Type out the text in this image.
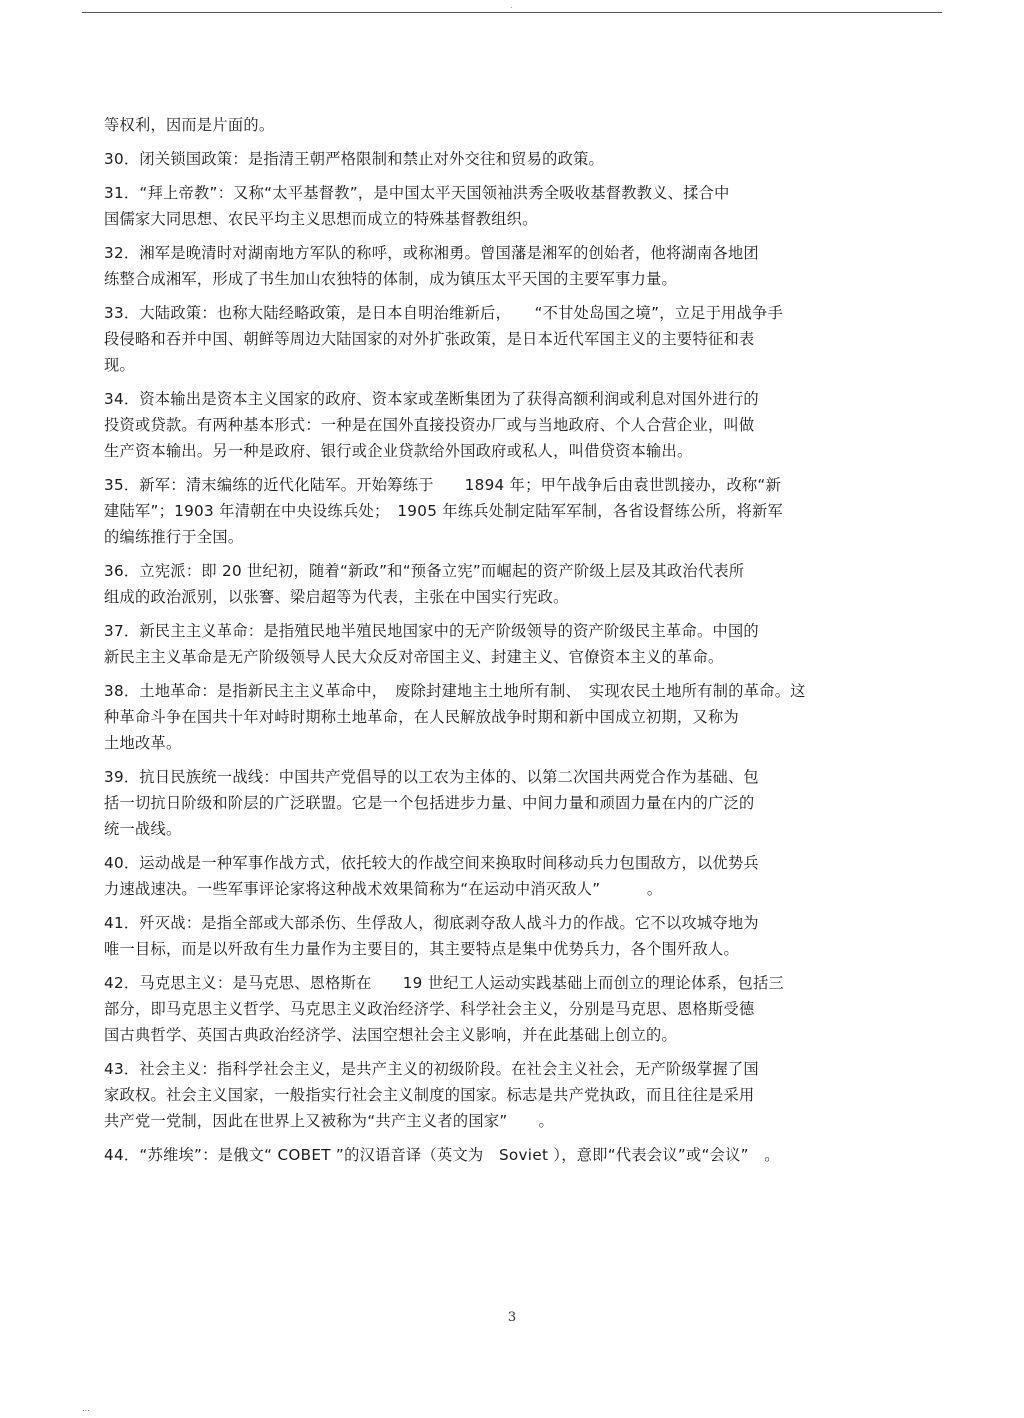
.
等权利，因而是片面的。
30．闭关锁国政策：是指清王朝严格限制和禁止对外交往和贸易的政策。
31．“拜上帝教”：又称“太平基督教”，是中国太平天国领袖洪秀全吸收基督教教义、揉合中
国儒家大同思想、农民平均主义思想而成立的特殊基督教组织。
32．湘军是晚清时对湖南地方军队的称呼，或称湘勇。曾国藩是湘军的创始者，他将湖南各地团
练整合成湘军，形成了书生加山农独特的体制，成为镇压太平天国的主要军事力量。
33．大陆政策：也称大陆经略政策，是日本自明治维新后，　　“不甘处岛国之境”，立足于用战争手
段侵略和吞并中国、朝鲜等周边大陆国家的对外扩张政策，是日本近代军国主义的主要特征和表
现。
34．资本输出是资本主义国家的政府、资本家或垄断集团为了获得高额利润或利息对国外进行的
投资或贷款。有两种基本形式：一种是在国外直接投资办厂或与当地政府、个人合营企业，叫做
生产资本输出。另一种是政府、银行或企业贷款给外国政府或私人，叫借贷资本输出。
35．新军：清末编练的近代化陆军。开始筹练于　　1894 年；甲午战争后由袁世凯接办，改称“新
建陆军”；1903 年清朝在中央设练兵处；　1905 年练兵处制定陆军军制，各省设督练公所，将新军
的编练推行于全国。
36．立宪派：即 20 世纪初，随着“新政”和“预备立宪”而崛起的资产阶级上层及其政治代表所
组成的政治派别，以张謇、梁启超等为代表，主张在中国实行宪政。
37．新民主主义革命：是指殖民地半殖民地国家中的无产阶级领导的资产阶级民主革命。中国的
新民主主义革命是无产阶级领导人民大众反对帝国主义、封建主义、官僚资本主义的革命。
38．土地革命：是指新民主主义革命中，　废除封建地主土地所有制、　实现农民土地所有制的革命。这
种革命斗争在国共十年对峙时期称土地革命，在人民解放战争时期和新中国成立初期，又称为
土地改革。
39．抗日民族统一战线：中国共产党倡导的以工农为主体的、以第二次国共两党合作为基础、包
括一切抗日阶级和阶层的广泛联盟。它是一个包括进步力量、中间力量和顽固力量在内的广泛的
统一战线。
40．运动战是一种军事作战方式，依托较大的作战空间来换取时间移动兵力包围敌方，以优势兵
力速战速决。一些军事评论家将这种战术效果简称为“在运动中消灭敌人”　　　。
41．歼灭战：是指全部或大部杀伤、生俘敌人，彻底剥夺敌人战斗力的作战。它不以攻城夺地为
唯一目标，而是以歼敌有生力量作为主要目的，其主要特点是集中优势兵力，各个围歼敌人。
42．马克思主义：是马克思、恩格斯在　　19 世纪工人运动实践基础上而创立的理论体系，包括三
部分，即马克思主义哲学、马克思主义政治经济学、科学社会主义，分别是马克思、恩格斯受德
国古典哲学、英国古典政治经济学、法国空想社会主义影响，并在此基础上创立的。
43．社会主义：指科学社会主义，是共产主义的初级阶段。在社会主义社会，无产阶级掌握了国
家政权。社会主义国家，一般指实行社会主义制度的国家。标志是共产党执政，而且往往是采用
共产党一党制，因此在世界上又被称为“共产主义者的国家”　　。
44．“苏维埃”：是俄文“ COBET ”的汉语音译（英文为　Soviet ），意即“代表会议”或“会议”　。
3
...
